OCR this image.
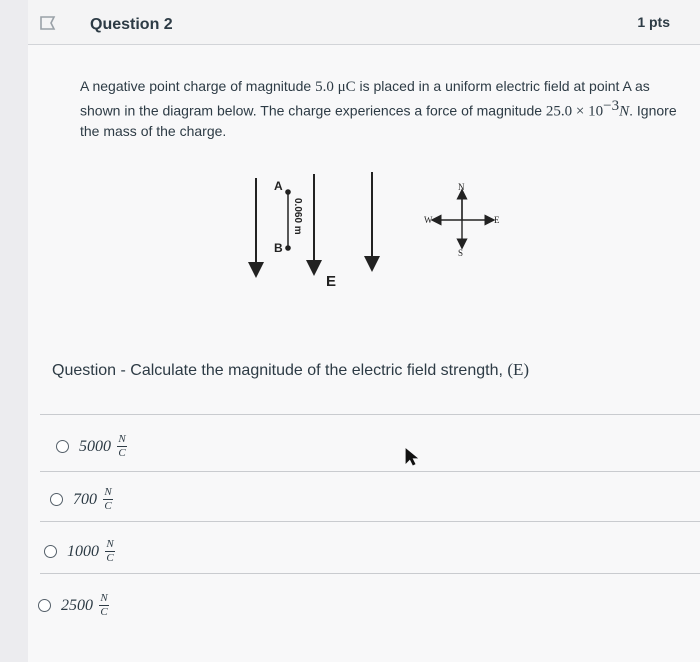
Question 2	1 pts
A negative point charge of magnitude 5.0 μC is placed in a uniform electric field at point A as shown in the diagram below. The charge experiences a force of magnitude $25.0 \times 10^{-3}N$. Ignore the mass of the charge.
A
B
0.060 m
E
N
S
E
W
Question - Calculate the magnitude of the electric field strength, (E)
$5000 \frac{N}{C}$
$700 \frac{N}{C}$
$1000 \frac{N}{C}$
$2500 \frac{N}{C}$
